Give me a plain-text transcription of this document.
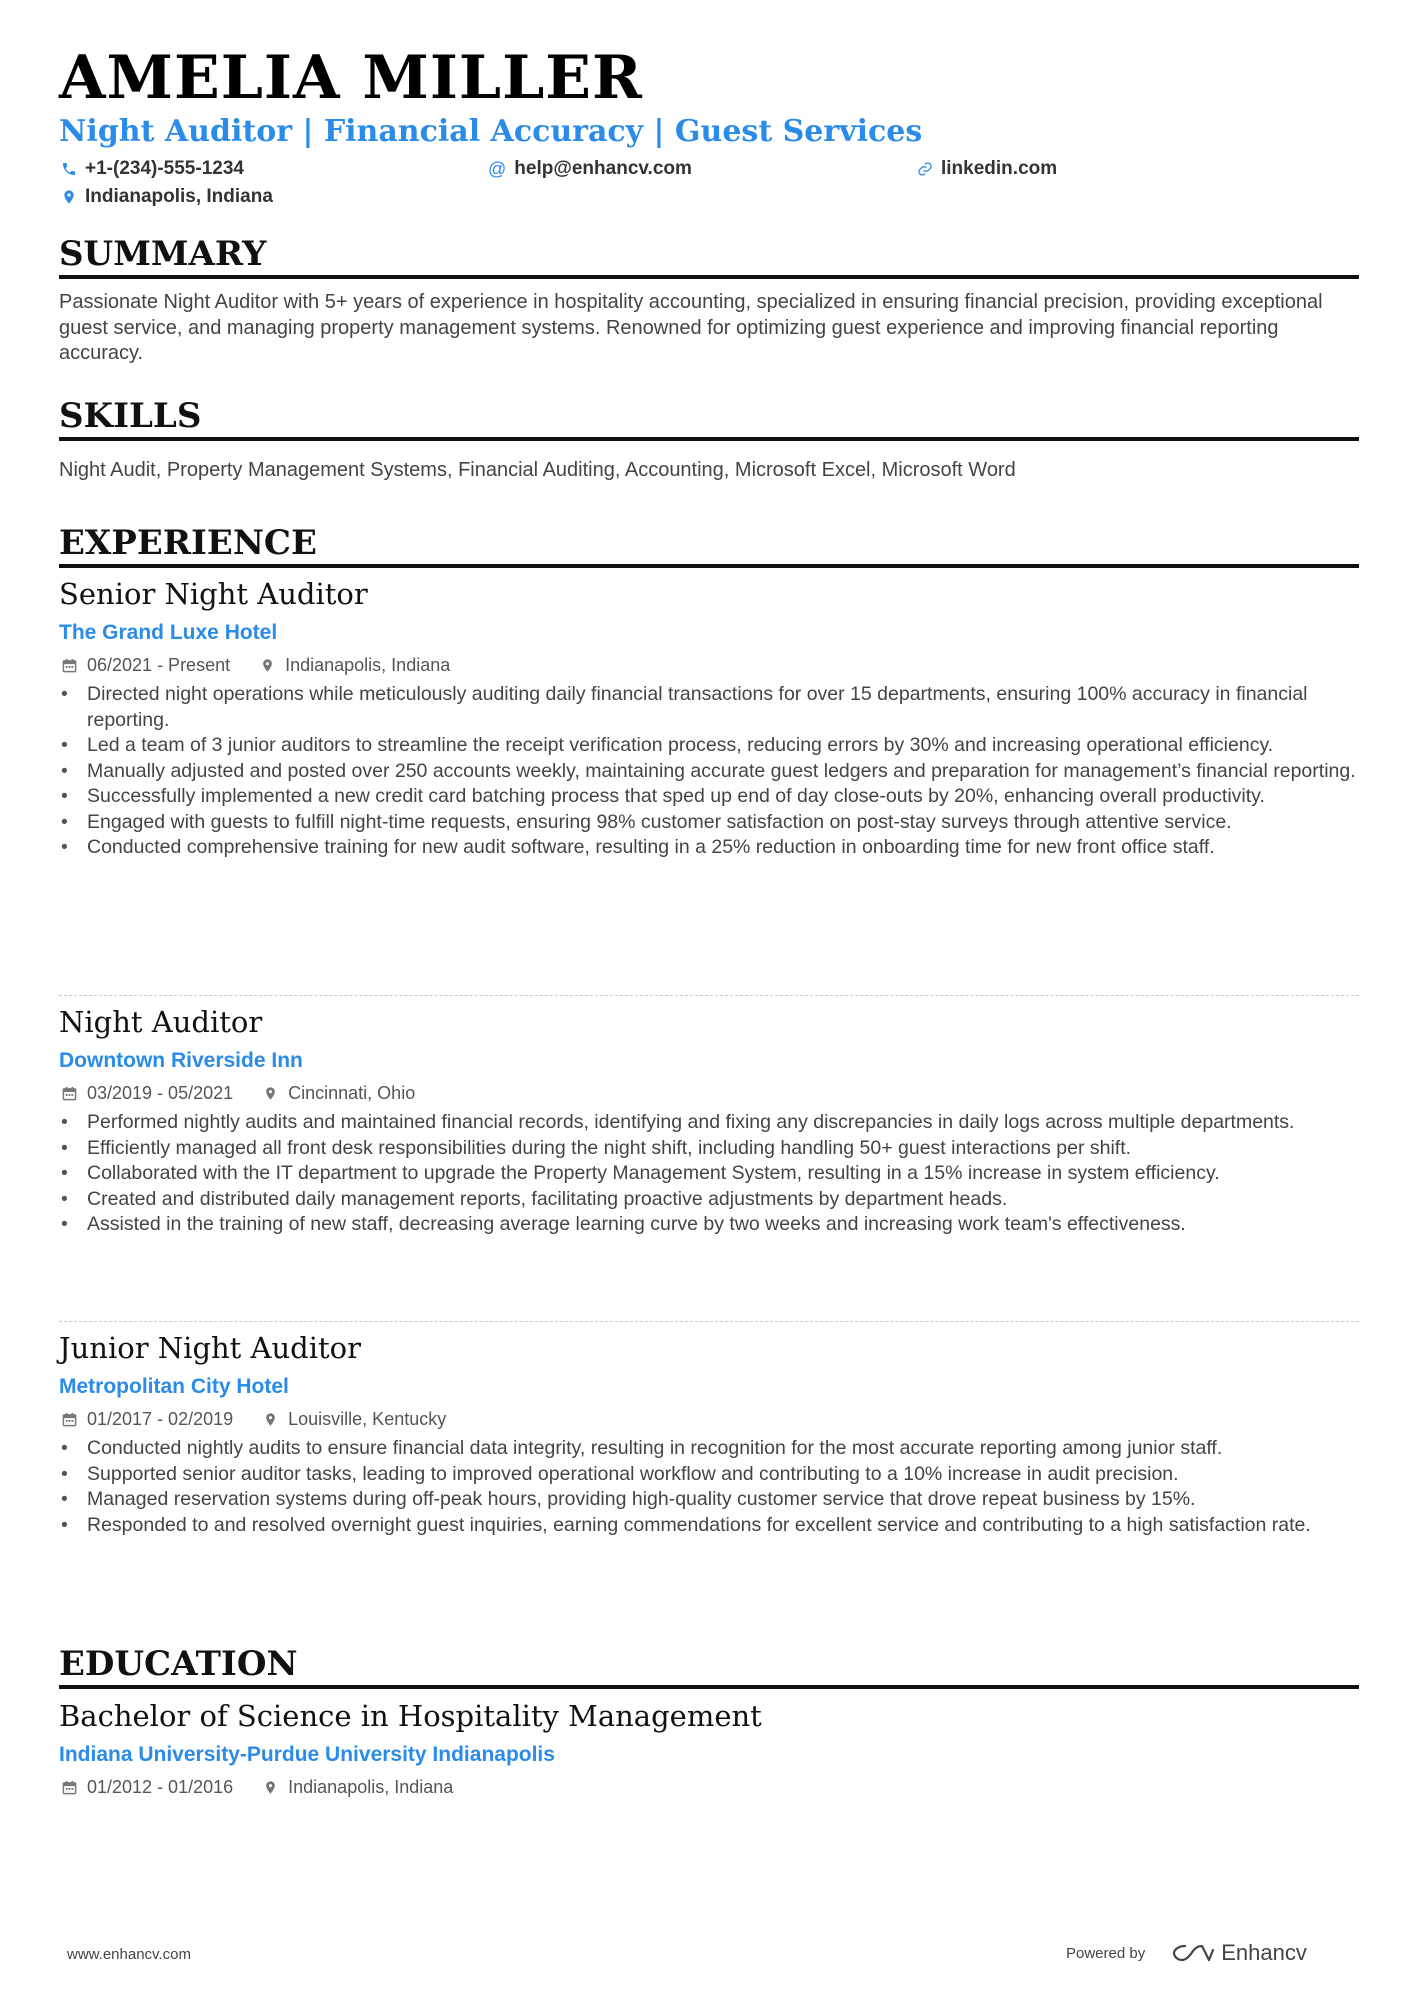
AMELIA MILLER
Night Auditor | Financial Accuracy | Guest Services
+1-(234)-555-1234	@ help@enhancv.com	linkedin.com
Indianapolis, Indiana
SUMMARY
Passionate Night Auditor with 5+ years of experience in hospitality accounting, specialized in ensuring financial precision, providing exceptional guest service, and managing property management systems. Renowned for optimizing guest experience and improving financial reporting accuracy.
SKILLS
Night Audit, Property Management Systems, Financial Auditing, Accounting, Microsoft Excel, Microsoft Word
EXPERIENCE
Senior Night Auditor
The Grand Luxe Hotel
06/2021 - Present	Indianapolis, Indiana
• Directed night operations while meticulously auditing daily financial transactions for over 15 departments, ensuring 100% accuracy in financial reporting.
• Led a team of 3 junior auditors to streamline the receipt verification process, reducing errors by 30% and increasing operational efficiency.
• Manually adjusted and posted over 250 accounts weekly, maintaining accurate guest ledgers and preparation for management’s financial reporting.
• Successfully implemented a new credit card batching process that sped up end of day close-outs by 20%, enhancing overall productivity.
• Engaged with guests to fulfill night-time requests, ensuring 98% customer satisfaction on post-stay surveys through attentive service.
• Conducted comprehensive training for new audit software, resulting in a 25% reduction in onboarding time for new front office staff.
Night Auditor
Downtown Riverside Inn
03/2019 - 05/2021	Cincinnati, Ohio
• Performed nightly audits and maintained financial records, identifying and fixing any discrepancies in daily logs across multiple departments.
• Efficiently managed all front desk responsibilities during the night shift, including handling 50+ guest interactions per shift.
• Collaborated with the IT department to upgrade the Property Management System, resulting in a 15% increase in system efficiency.
• Created and distributed daily management reports, facilitating proactive adjustments by department heads.
• Assisted in the training of new staff, decreasing average learning curve by two weeks and increasing work team's effectiveness.
Junior Night Auditor
Metropolitan City Hotel
01/2017 - 02/2019	Louisville, Kentucky
• Conducted nightly audits to ensure financial data integrity, resulting in recognition for the most accurate reporting among junior staff.
• Supported senior auditor tasks, leading to improved operational workflow and contributing to a 10% increase in audit precision.
• Managed reservation systems during off-peak hours, providing high-quality customer service that drove repeat business by 15%.
• Responded to and resolved overnight guest inquiries, earning commendations for excellent service and contributing to a high satisfaction rate.
EDUCATION
Bachelor of Science in Hospitality Management
Indiana University-Purdue University Indianapolis
01/2012 - 01/2016	Indianapolis, Indiana
www.enhancv.com	Powered by	Enhancv
